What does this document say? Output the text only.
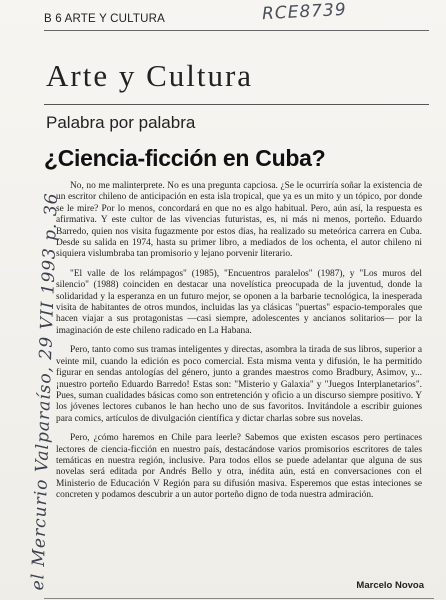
B 6 ARTE Y CULTURA	RCE8739
Arte y Cultura
Palabra por palabra
¿Ciencia-ficción en Cuba?

No, no me malinterprete. No es una pregunta capciosa. ¿Se le ocurriría soñar la existencia de un escritor chileno de anticipación en esta isla tropical, que ya es un mito y un tópico, por donde se le mire? Por lo menos, concordará en que no es algo habitual. Pero, aún así, la respuesta es afirmativa. Y este cultor de las vivencias futuristas, es, ni más ni menos, porteño. Eduardo Barredo, quien nos visita fugazmente por estos días, ha realizado su meteórica carrera en Cuba. Desde su salida en 1974, hasta su primer libro, a mediados de los ochenta, el autor chileno ni siquiera vislumbraba tan promisorio y lejano porvenir literario.

"El valle de los relámpagos" (1985), "Encuentros paralelos" (1987), y "Los muros del silencio" (1988) coinciden en destacar una novelística preocupada de la juventud, donde la solidaridad y la esperanza en un futuro mejor, se oponen a la barbarie tecnológica, la inesperada visita de habitantes de otros mundos, incluidas las ya clásicas "puertas" espacio-temporales que hacen viajar a sus protagonistas —casi siempre, adolescentes y ancianos solitarios— por la imaginación de este chileno radicado en La Habana.

Pero, tanto como sus tramas inteligentes y directas, asombra la tirada de sus libros, superior a veinte mil, cuando la edición es poco comercial. Esta misma venta y difusión, le ha permitido figurar en sendas antologías del género, junto a grandes maestros como Bradbury, Asimov, y... ¡nuestro porteño Eduardo Barredo! Estas son: "Misterio y Galaxia" y "Juegos Interplanetarios". Pues, suman cualidades básicas como son entretención y oficio a un discurso siempre positivo. Y los jóvenes lectores cubanos le han hecho uno de sus favoritos. Invitándole a escribir guiones para comics, artículos de divulgación científica y dictar charlas sobre sus novelas.

Pero, ¿cómo haremos en Chile para leerle? Sabemos que existen escasos pero pertinaces lectores de ciencia-ficción en nuestro país, destacándose varios promisorios escritores de tales temáticas en nuestra región, inclusive. Para todos ellos se puede adelantar que alguna de sus novelas será editada por Andrés Bello y otra, inédita aún, está en conversaciones con el Ministerio de Educación V Región para su difusión masiva. Esperemos que estas inteciones se concreten y podamos descubrir a un autor porteño digno de toda nuestra admiración.

Marcelo Novoa
el Mercurio Valparaíso, 29 VII 1993 p. 36
